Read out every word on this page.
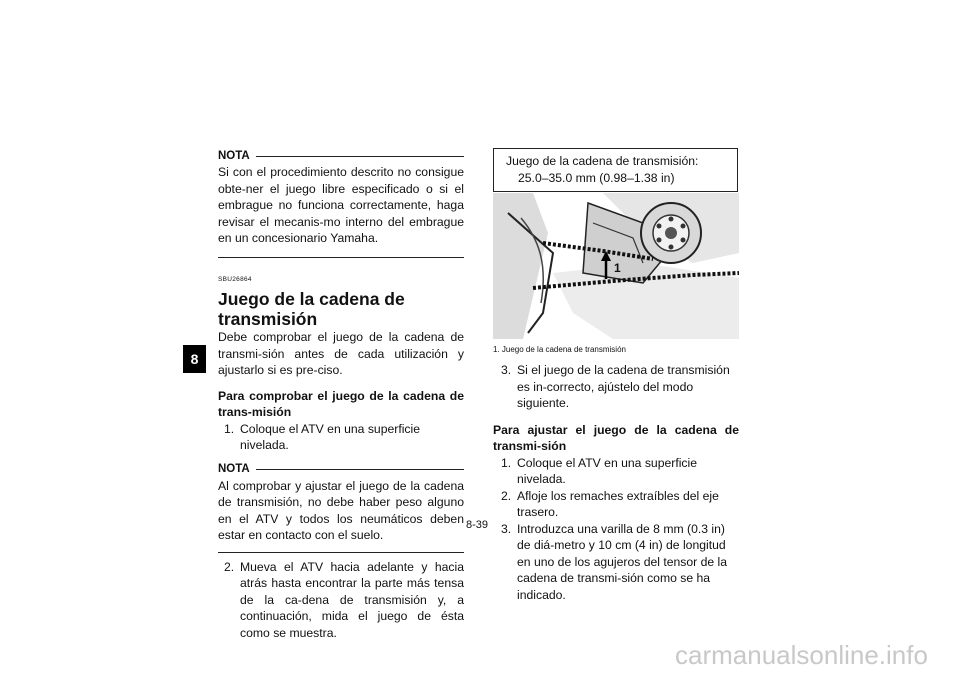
8
NOTA
Si con el procedimiento descrito no consigue obte-ner el juego libre especificado o si el embrague no funciona correctamente, haga revisar el mecanis-mo interno del embrague en un concesionario Yamaha.
SBU26864
Juego de la cadena de transmisión
Debe comprobar el juego de la cadena de transmi-sión antes de cada utilización y ajustarlo si es pre-ciso.
Para comprobar el juego de la cadena de trans-misión
1. Coloque el ATV en una superficie nivelada.
NOTA
Al comprobar y ajustar el juego de la cadena de transmisión, no debe haber peso alguno en el ATV y todos los neumáticos deben estar en contacto con el suelo.
2. Mueva el ATV hacia adelante y hacia atrás hasta encontrar la parte más tensa de la ca-dena de transmisión y, a continuación, mida el juego de ésta como se muestra.
Juego de la cadena de transmisión:
25.0–35.0 mm (0.98–1.38 in)
1
1. Juego de la cadena de transmisión
3. Si el juego de la cadena de transmisión es in-correcto, ajústelo del modo siguiente.
Para ajustar el juego de la cadena de transmi-sión
1. Coloque el ATV en una superficie nivelada.
2. Afloje los remaches extraíbles del eje trasero.
3. Introduzca una varilla de 8 mm (0.3 in) de diá-metro y 10 cm (4 in) de longitud en uno de los agujeros del tensor de la cadena de transmi-sión como se ha indicado.
8-39
carmanualsonline.info
